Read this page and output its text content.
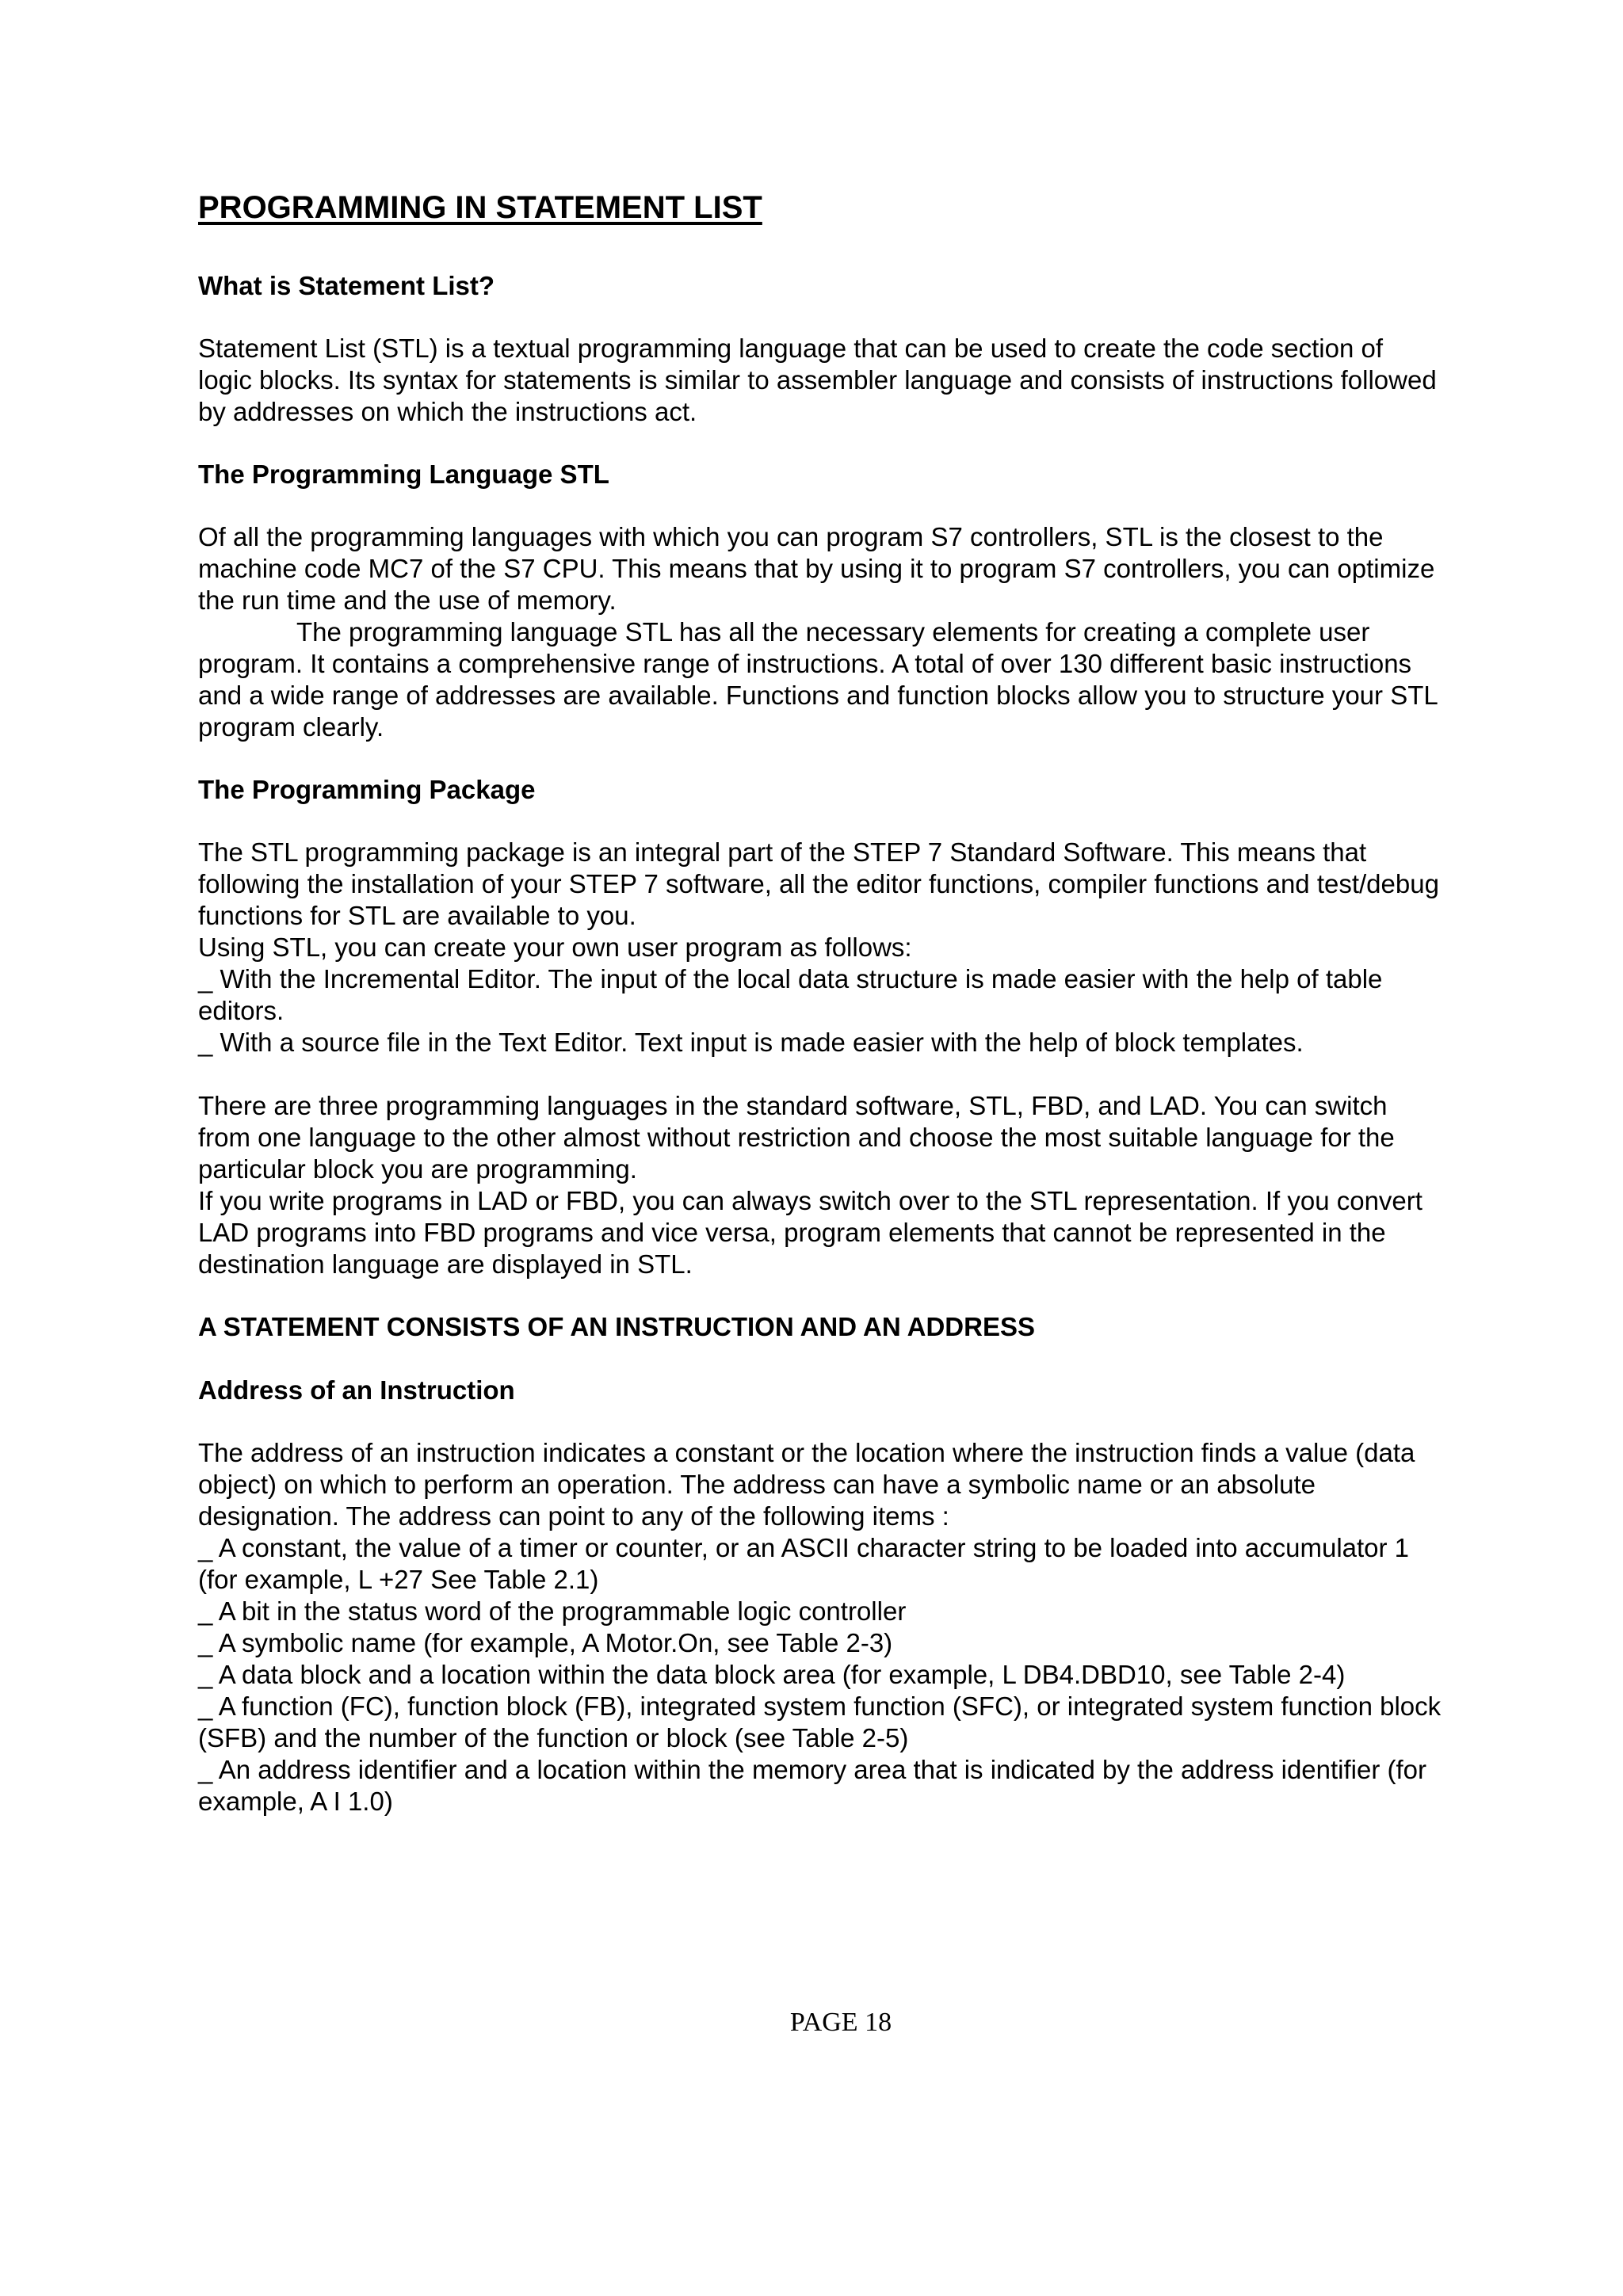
PROGRAMMING IN STATEMENT LIST
What is Statement List?

Statement List (STL) is a textual programming language that can be used to create the code section of logic blocks. Its syntax for statements is similar to assembler language and consists of instructions followed by addresses on which the instructions act.

The Programming Language STL

Of all the programming languages with which you can program S7 controllers, STL is the closest to the machine code MC7 of the S7 CPU. This means that by using it to program S7 controllers, you can optimize the run time and the use of memory.

The programming language STL has all the necessary elements for creating a complete user program. It contains a comprehensive range of instructions. A total of over 130 different basic instructions and a wide range of addresses are available. Functions and function blocks allow you to structure your STL program clearly.

The Programming Package

The STL programming package is an integral part of the STEP 7 Standard Software. This means that following the installation of your STEP 7 software, all the editor functions, compiler functions and test/debug functions for STL are available to you.

Using STL, you can create your own user program as follows:

_ With the Incremental Editor. The input of the local data structure is made easier with the help of table editors.

_ With a source file in the Text Editor. Text input is made easier with the help of block templates.

There are three programming languages in the standard software, STL, FBD, and LAD. You can switch from one language to the other almost without restriction and choose the most suitable language for the particular block you are programming.

If you write programs in LAD or FBD, you can always switch over to the STL representation. If you convert LAD programs into FBD programs and vice versa, program elements that cannot be represented in the destination language are displayed in STL.

A STATEMENT CONSISTS OF AN INSTRUCTION AND AN ADDRESS
Address of an Instruction

The address of an instruction indicates a constant or the location where the instruction finds a value (data object) on which to perform an operation. The address can have a symbolic name or an absolute designation. The address can point to any of the following items :

_ A constant, the value of a timer or counter, or an ASCII character string to be loaded into accumulator 1 (for example, L +27 See Table 2.1)

_ A bit in the status word of the programmable logic controller

_ A symbolic name (for example, A Motor.On, see Table 2-3)

_ A data block and a location within the data block area (for example, L DB4.DBD10, see Table 2-4)

_ A function (FC), function block (FB), integrated system function (SFC), or integrated system function block (SFB) and the number of the function or block (see Table 2-5)

_ An address identifier and a location within the memory area that is indicated by the address identifier (for example, A I 1.0)

PAGE 18
